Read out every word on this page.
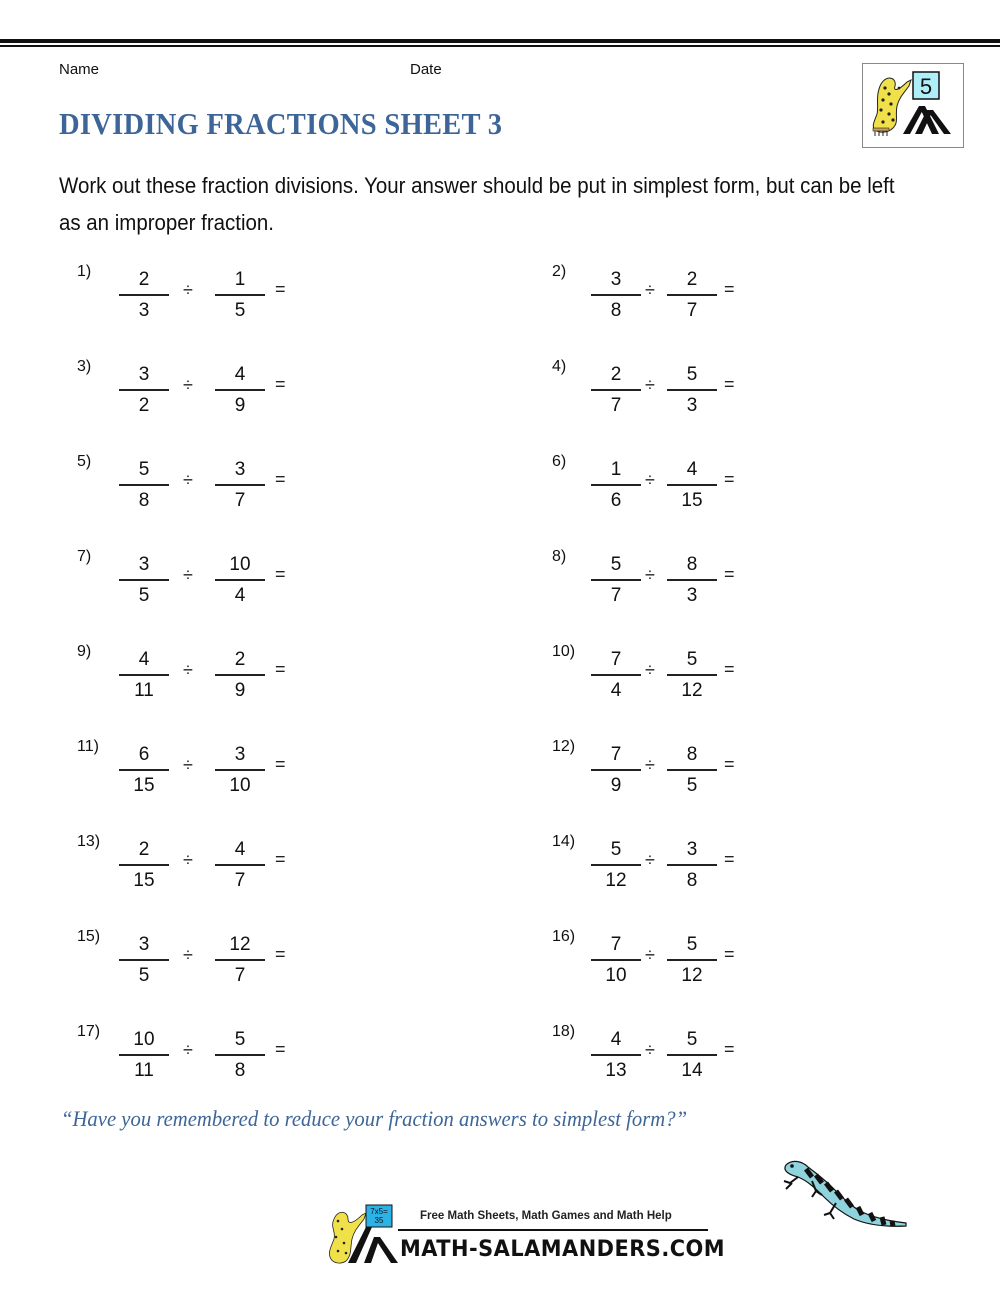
Name	Date
5
DIVIDING FRACTIONS SHEET 3

Work out these fraction divisions. Your answer should be put in simplest form, but can be left as an improper fraction.

1)	2
3
÷	1
5
=
2)	3
8
÷	2
7
=
3)	3
2
÷	4
9
=
4)	2
7
÷	5
3
=
5)	5
8
÷	3
7
=
6)	1
6
÷	4
15
=
7)	3
5
÷	10
4
=
8)	5
7
÷	8
3
=
9)	4
11
÷	2
9
=
10)	7
4
÷	5
12
=
11)	6
15
÷	3
10
=
12)	7
9
÷	8
5
=
13)	2
15
÷	4
7
=
14)	5
12
÷	3
8
=
15)	3
5
÷	12
7
=
16)	7
10
÷	5
12
=
17)	10
11
÷	5
8
=
18)	4
13
÷	5
14
=
“Have you remembered to reduce your fraction answers to simplest form?”
7x5=
35	Free Math Sheets, Math Games and Math Help
MATH-SALAMANDERS.COM
